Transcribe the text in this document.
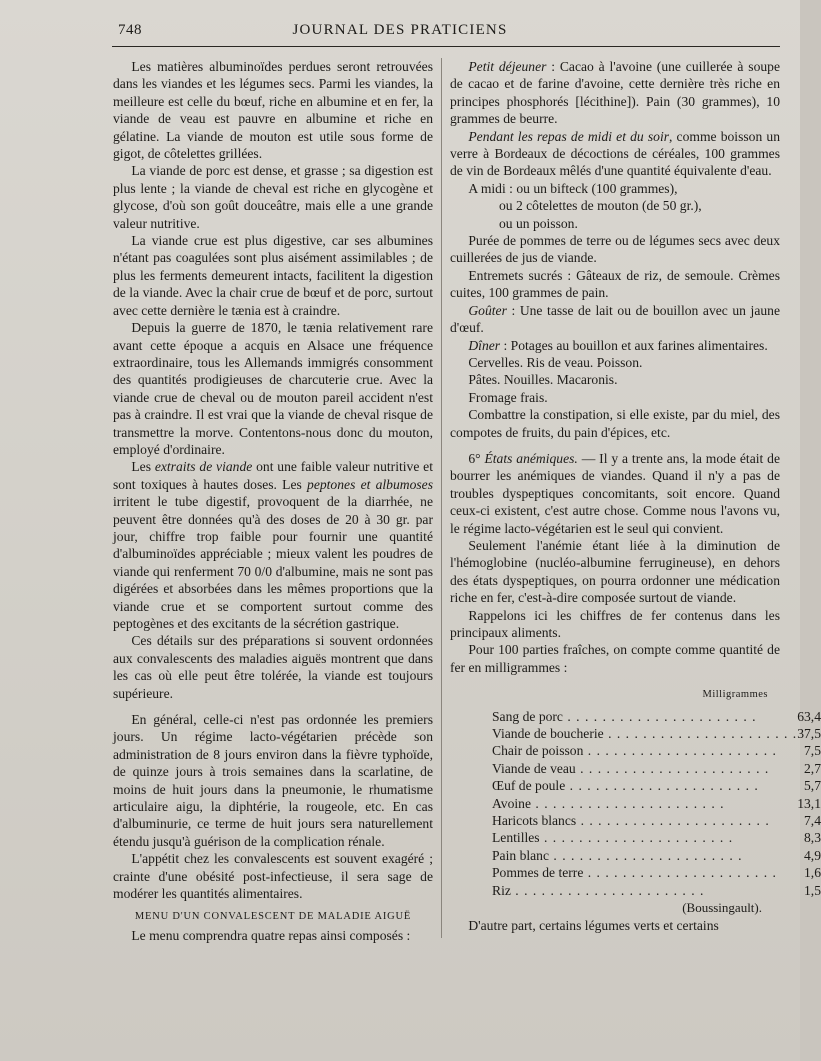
748	JOURNAL DES PRATICIENS

Les matières albuminoïdes perdues seront retrouvées dans les viandes et les légumes secs. Parmi les viandes, la meilleure est celle du bœuf, riche en albumine et en fer, la viande de veau est pauvre en albumine et riche en gélatine. La viande de mouton est utile sous forme de gigot, de côtelettes grillées.

La viande de porc est dense, et grasse ; sa digestion est plus lente ; la viande de cheval est riche en glycogène et glycose, d'où son goût douceâtre, mais elle a une grande valeur nutritive.

La viande crue est plus digestive, car ses albumines n'étant pas coagulées sont plus aisément assimilables ; de plus les ferments demeurent intacts, facilitent la digestion de la viande. Avec la chair crue de bœuf et de porc, surtout avec cette dernière le tænia est à craindre.

Depuis la guerre de 1870, le tænia relativement rare avant cette époque a acquis en Alsace une fréquence extraordinaire, tous les Allemands immigrés consomment des quantités prodigieuses de charcuterie crue. Avec la viande crue de cheval ou de mouton pareil accident n'est pas à craindre. Il est vrai que la viande de cheval risque de transmettre la morve. Contentons-nous donc du mouton, employé d'ordinaire.

Les extraits de viande ont une faible valeur nutritive et sont toxiques à hautes doses. Les peptones et albumoses irritent le tube digestif, provoquent de la diarrhée, ne peuvent être données qu'à des doses de 20 à 30 gr. par jour, chiffre trop faible pour fournir une quantité d'albuminoïdes appréciable ; mieux valent les poudres de viande qui renferment 70 0/0 d'albumine, mais ne sont pas digérées et absorbées dans les mêmes proportions que la viande crue et se comportent surtout comme des peptogènes et des excitants de la sécrétion gastrique.

Ces détails sur des préparations si souvent ordonnées aux convalescents des maladies aiguës montrent que dans les cas où elle peut être tolérée, la viande est toujours supérieure.

En général, celle-ci n'est pas ordonnée les premiers jours. Un régime lacto-végétarien précède son administration de 8 jours environ dans la fièvre typhoïde, de quinze jours à trois semaines dans la scarlatine, de moins de huit jours dans la pneumonie, le rhumatisme articulaire aigu, la diphtérie, la rougeole, etc. En cas d'albuminurie, ce terme de huit jours sera naturellement étendu jusqu'à guérison de la complication rénale.

L'appétit chez les convalescents est souvent exagéré ; crainte d'une obésité post-infectieuse, il sera sage de modérer les quantités alimentaires.

MENU D'UN CONVALESCENT DE MALADIE AIGUË

Le menu comprendra quatre repas ainsi composés :

Petit déjeuner : Cacao à l'avoine (une cuillerée à soupe de cacao et de farine d'avoine, cette dernière très riche en principes phosphorés [lécithine]). Pain (30 grammes), 10 grammes de beurre.

Pendant les repas de midi et du soir, comme boisson un verre à Bordeaux de décoctions de céréales, 100 grammes de vin de Bordeaux mêlés d'une quantité équivalente d'eau.

A midi : ou un bifteck (100 grammes),

ou 2 côtelettes de mouton (de 50 gr.),

ou un poisson.

Purée de pommes de terre ou de légumes secs avec deux cuillerées de jus de viande.

Entremets sucrés : Gâteaux de riz, de semoule. Crèmes cuites, 100 grammes de pain.

Goûter : Une tasse de lait ou de bouillon avec un jaune d'œuf.

Dîner : Potages au bouillon et aux farines alimentaires.

Cervelles. Ris de veau. Poisson.

Pâtes. Nouilles. Macaronis.

Fromage frais.

Combattre la constipation, si elle existe, par du miel, des compotes de fruits, du pain d'épices, etc.

6° États anémiques. — Il y a trente ans, la mode était de bourrer les anémiques de viandes. Quand il n'y a pas de troubles dyspeptiques concomitants, soit encore. Quand ceux-ci existent, c'est autre chose. Comme nous l'avons vu, le régime lacto-végétarien est le seul qui convient.

Seulement l'anémie étant liée à la diminution de l'hémoglobine (nucléo-albumine ferrugineuse), en dehors des états dyspeptiques, on pourra ordonner une médication riche en fer, c'est-à-dire composée surtout de viande.

Rappelons ici les chiffres de fer contenus dans les principaux aliments.

Pour 100 parties fraîches, on compte comme quantité de fer en milligrammes :

Milligrammes
Sang de porc . . .	63,4
Viande de boucherie . . .	37,5
Chair de poisson . . .	7,5
Viande de veau . . .	2,7
Œuf de poule . . .	5,7
Avoine . . .	13,1
Haricots blancs . . .	7,4
Lentilles . . .	8,3
Pain blanc . . .	4,9
Pommes de terre . . .	1,6
Riz . . .	1,5
(Boussingault).

D'autre part, certains légumes verts et certains
